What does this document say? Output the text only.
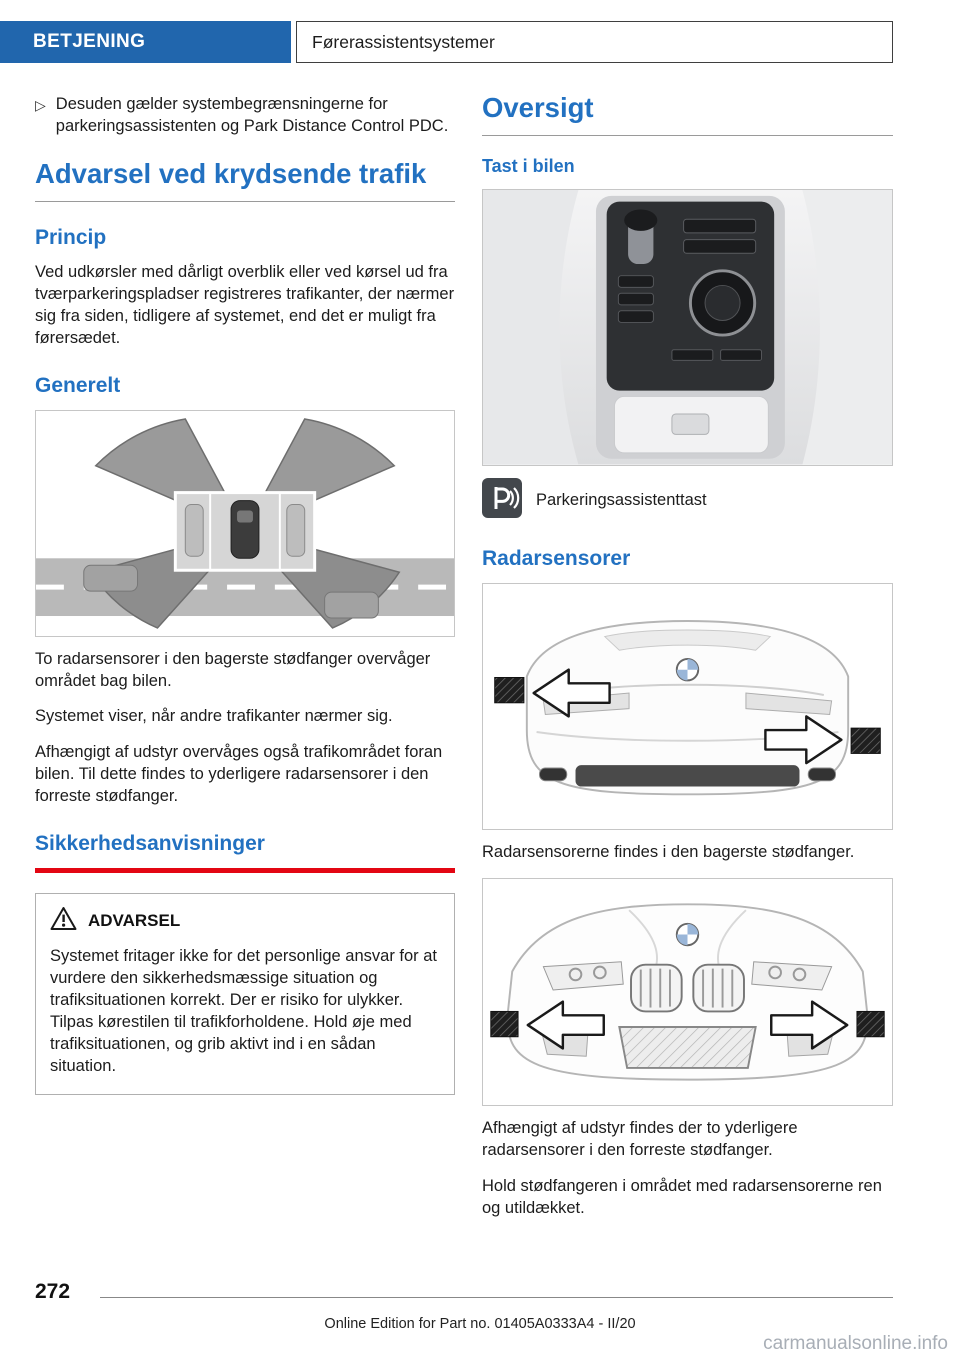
BETJENING	Førerassistentsystemer
▷ Desuden gælder systembegrænsningerne for parkeringsassistenten og Park Distance Control PDC.
Advarsel ved krydsende trafik
Princip

Ved udkørsler med dårligt overblik eller ved kørsel ud fra tværparkeringspladser registreres trafikanter, der nærmer sig fra siden, tidligere af systemet, end det er muligt fra førersædet.

Generelt

To radarsensorer i den bagerste stødfanger overvåger området bag bilen.

Systemet viser, når andre trafikanter nærmer sig.

Afhængigt af udstyr overvåges også trafikområdet foran bilen. Til dette findes to yderligere radarsensorer i den forreste stødfanger.

Sikkerhedsanvisninger
ADVARSEL

Systemet fritager ikke for det personlige ansvar for at vurdere den sikkerhedsmæssige situation og trafiksituationen korrekt. Der er risiko for ulykker. Tilpas kørestilen til trafikforholdene. Hold øje med trafiksituationen, og grib aktivt ind i en sådan situation.

Oversigt
Tast i bilen
Parkeringsassistenttast
Radarsensorer

Radarsensorerne findes i den bagerste stødfanger.

Afhængigt af udstyr findes der to yderligere radarsensorer i den forreste stødfanger.

Hold stødfangeren i området med radarsensorerne ren og utildækket.

272
Online Edition for Part no. 01405A0333A4 - II/20
carmanualsonline.info
